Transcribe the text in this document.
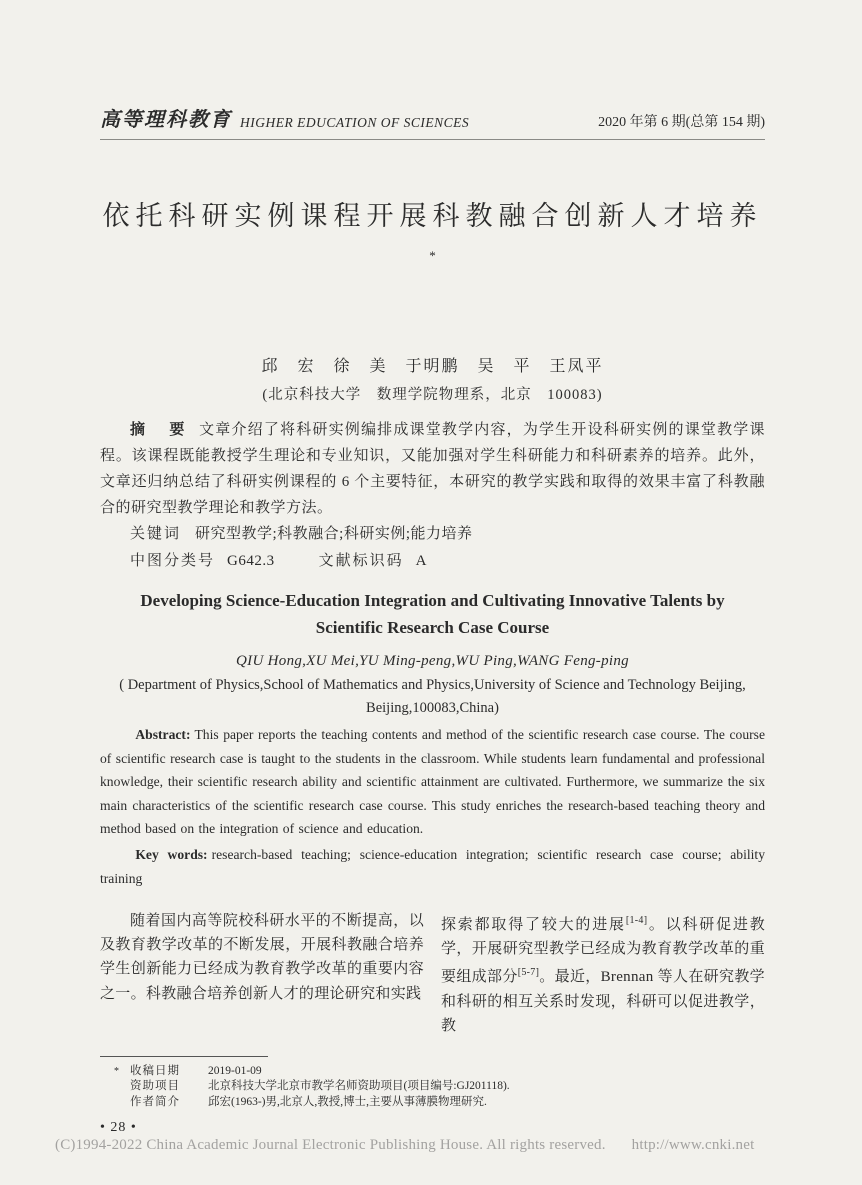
高等理科教育 HIGHER EDUCATION OF SCIENCES	2020 年第 6 期(总第 154 期)
依托科研实例课程开展科教融合创新人才培养*
邱　宏　徐　美　于明鹏　吴　平　王凤平
(北京科技大学　数理学院物理系，北京　100083)

摘　要 文章介绍了将科研实例编排成课堂教学内容，为学生开设科研实例的课堂教学课程。该课程既能教授学生理论和专业知识，又能加强对学生科研能力和科研素养的培养。此外，文章还归纳总结了科研实例课程的 6 个主要特征，本研究的教学实践和取得的效果丰富了科教融合的研究型教学理论和教学方法。

关键词 研究型教学;科教融合;科研实例;能力培养

中图分类号 G642.3	文献标识码 A

Developing Science-Education Integration and Cultivating Innovative Talents by
Scientific Research Case Course
QIU Hong,XU Mei,YU Ming-peng,WU Ping,WANG Feng-ping
( Department of Physics,School of Mathematics and Physics,University of Science and Technology Beijing,
Beijing,100083,China)

Abstract: This paper reports the teaching contents and method of the scientific research case course. The course of scientific research case is taught to the students in the classroom. While students learn fundamental and professional knowledge, their scientific research ability and scientific attainment are cultivated. Furthermore, we summarize the six main characteristics of the scientific research case course. This study enriches the research-based teaching theory and method based on the integration of science and education.

Key words: research-based teaching; science-education integration; scientific research case course; ability training

随着国内高等院校科研水平的不断提高，以及教育教学改革的不断发展，开展科教融合培养学生创新能力已经成为教育教学改革的重要内容之一。科教融合培养创新人才的理论研究和实践

探索都取得了较大的进展[1-4]。以科研促进教学，开展研究型教学已经成为教育教学改革的重要组成部分[5-7]。最近，Brennan 等人在研究教学和科研的相互关系时发现，科研可以促进教学，教

* 收稿日期	2019-01-09
资助项目	北京科技大学北京市教学名师资助项目(项目编号:GJ201118).
作者简介	邱宏(1963-)男,北京人,教授,博士,主要从事薄膜物理研究.
• 28 •
(C)1994-2022 China Academic Journal Electronic Publishing House. All rights reserved. http://www.cnki.net
